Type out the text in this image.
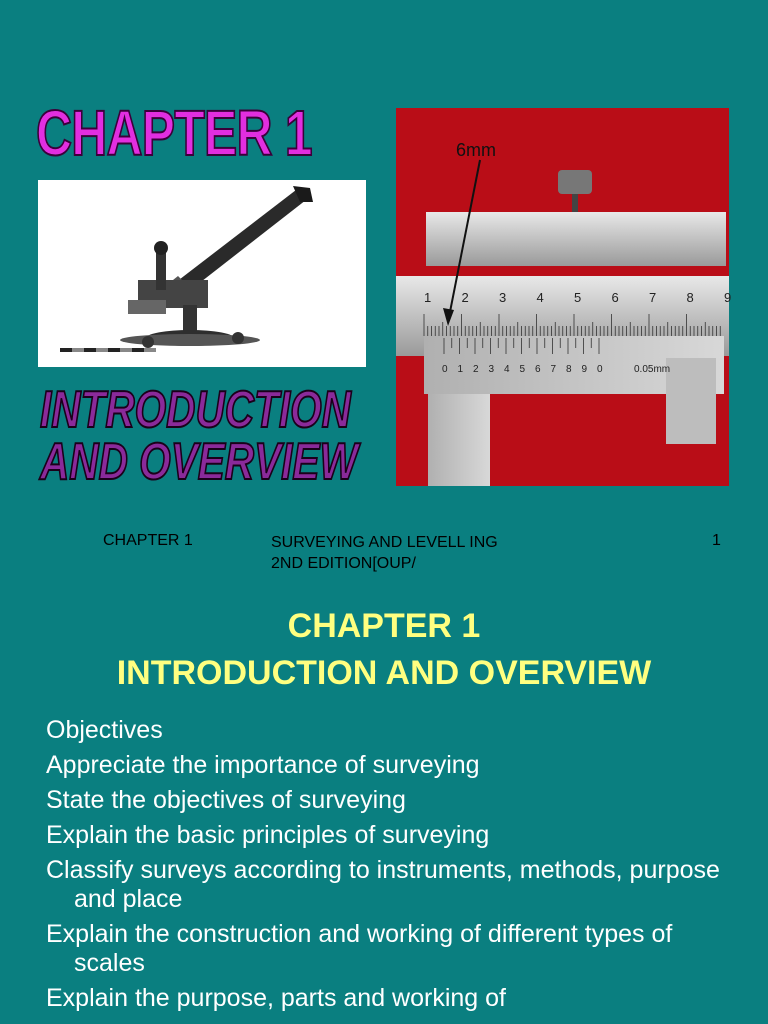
CHAPTER 1
1 2 3 4 5 6 7 8 9
0 1 2 3 4 5 6 7 8 9 0
6mm
0.05mm
INTRODUCTION
AND OVERVIEW
CHAPTER 1	SURVEYING AND LEVELL ING 2ND EDITION[OUP/
1
CHAPTER 1
INTRODUCTION AND OVERVIEW
Objectives
Appreciate the importance of surveying
State the objectives of surveying
Explain the basic principles of surveying
Classify surveys according to instruments, methods, purpose and place
Explain the construction and working of different types of scales
Explain the purpose, parts and working of
